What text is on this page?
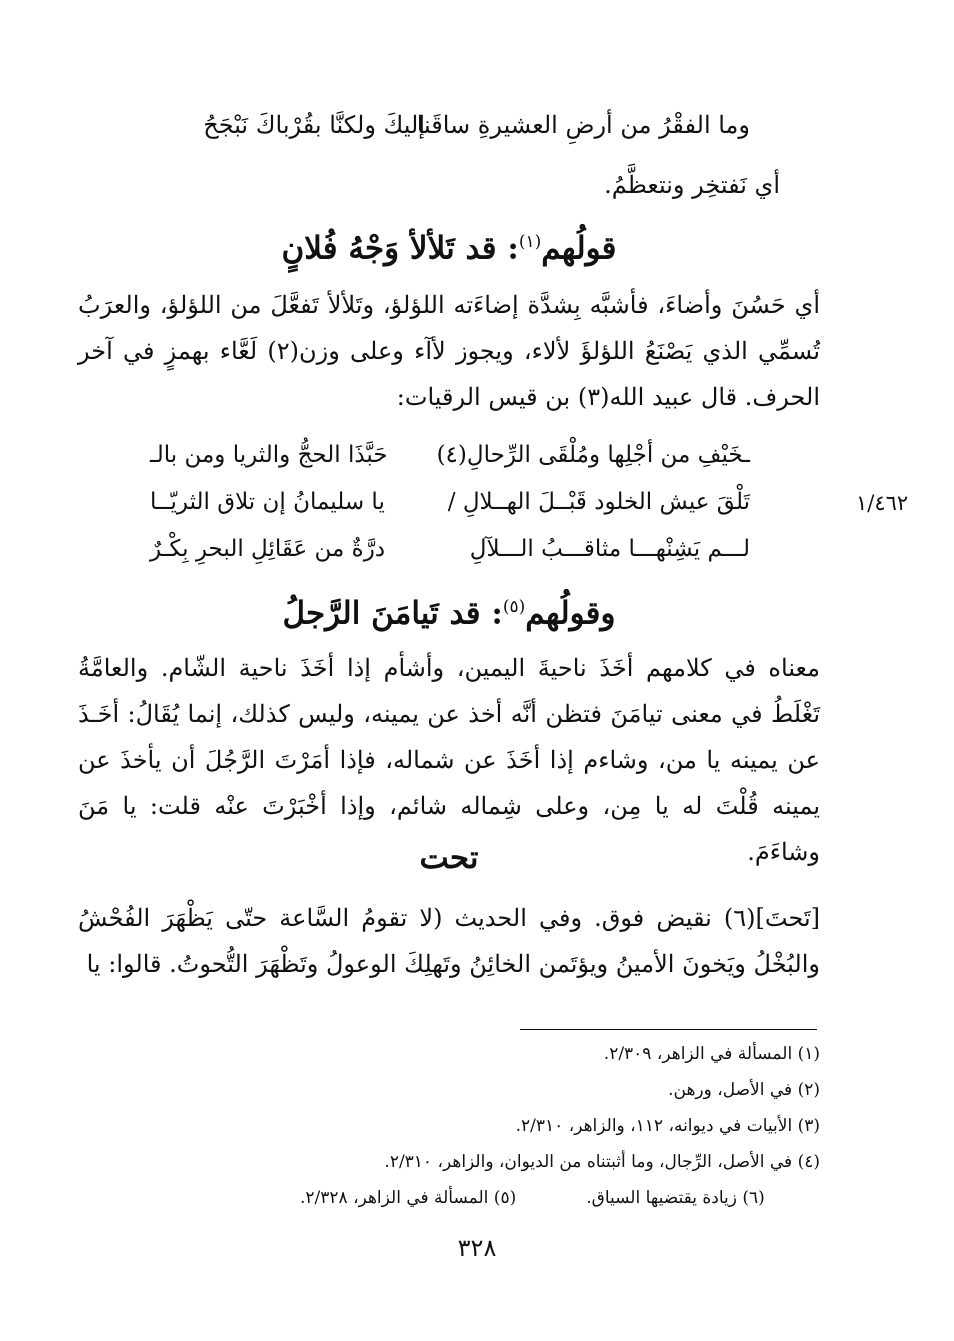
وما الفقْرُ من أرضِ العشيرةِ ساقَنا
إليكَ ولكنَّا بقُرْباكَ نَبْجَحُ
أي نَفتخِر ونتعظَّمُ.
قولُهم$^{(١)}$: قد تَلألأ وَجْهُ فُلانٍ
أي حَسُنَ وأضاءَ، فأشبَّه بِشدَّة إضاءَته اللؤلؤ، وتَلألأ تَفعَّلَ من اللؤلؤ، والعرَبُ تُسمِّي الذي يَصْنَعُ اللؤلؤَ لألاء، ويجوز لأآء وعلى وزن(٢) لَعَّاء بهمزٍ في آخر الحرف. قال عبيد الله(٣) بن قيس الرقيات:
حَبَّذَا الحجُّ والثريا ومن بالـ ـخَيْفِ من أجْلِها ومُلْقَى الرِّحالِ(٤)
يا سليمانُ إن تلاق الثريّــا	تَلْقَ عيش الخلود قَبْــلَ الهــلالِ /
درَّةٌ من عَقَائِلِ البحرِ بِكْـرٌ	لـــم يَشِنْهـــا مثاقـــبُ الـــلآلِ
١/٤٦٢
وقولُهم$^{(٥)}$: قد تَيامَنَ الرَّجلُ
معناه في كلامهم أخَذَ ناحيةَ اليمين، وأشأم إذا أخَذَ ناحية الشّام. والعامَّةُ تَغْلَطُ في معنى تيامَنَ فتظن أنَّه أخذ عن يمينه، وليس كذلك، إنما يُقَالُ: أخَـذَ عن يمينه يا من، وشاءم إذا أخَذَ عن شماله، فإذا أمَرْتَ الرَّجُلَ أن يأخذَ عن يمينه قُلْتَ له يا مِن، وعلى شِماله شائم، وإذا أخْبَرْتَ عنْه قلت: يا مَنَ وشاءَمَ.
تحت
[تَحتَ](٦) نقيض فوق. وفي الحديث (لا تقومُ السَّاعة حتّى يَظْهَرَ الفُحْشُ والبُخْلُ ويَخونَ الأمينُ ويؤتَمن الخائِنُ وتَهلِكَ الوعولُ وتَظْهَرَ التُّحوتُ. قالوا: يا
(١) المسألة في الزاهر، ٢/٣٠٩.
(٢) في الأصل، ورهن.
(٣) الأبيات في ديوانه، ١١٢، والزاهر، ٢/٣١٠.
(٤) في الأصل، الرِّجال، وما أثبتناه من الديوان، والزاهر، ٢/٣١٠.
(٥) المسألة في الزاهر، ٢/٣٢٨.	(٦) زيادة يقتضيها السياق.
٣٢٨
